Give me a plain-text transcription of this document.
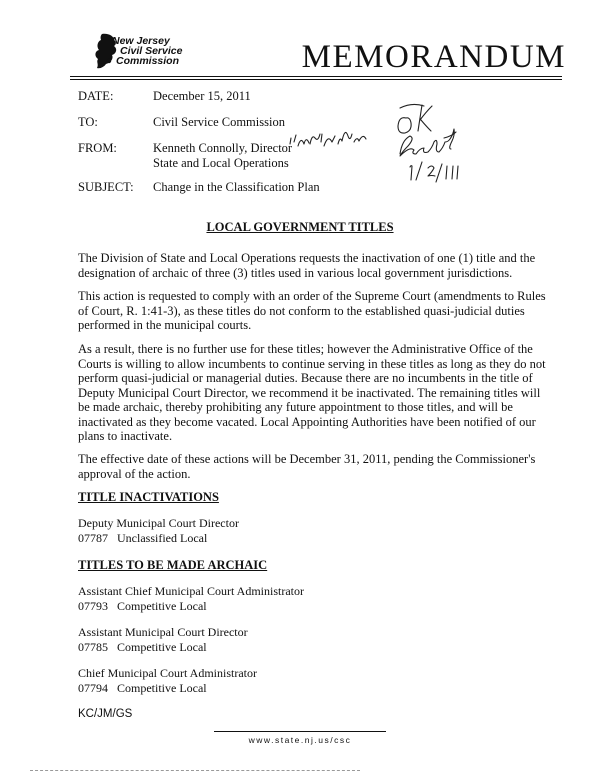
New Jersey
Civil Service
Commission	MEMORANDUM
DATE:	December 15, 2011
TO:	Civil Service Commission
FROM:	Kenneth Connolly, Director
State and Local Operations
SUBJECT:	Change in the Classification Plan
LOCAL GOVERNMENT TITLES

The Division of State and Local Operations requests the inactivation of one (1) title and the designation of archaic of three (3) titles used in various local government jurisdictions.

This action is requested to comply with an order of the Supreme Court (amendments to Rules of Court, R. 1:41-3), as these titles do not conform to the established quasi-judicial duties performed in the municipal courts.

As a result, there is no further use for these titles; however the Administrative Office of the Courts is willing to allow incumbents to continue serving in these titles as long as they do not perform quasi-judicial or managerial duties. Because there are no incumbents in the title of Deputy Municipal Court Director, we recommend it be inactivated. The remaining titles will be made archaic, thereby prohibiting any future appointment to those titles, and will be inactivated as they become vacated. Local Appointing Authorities have been notified of our plans to inactivate.

The effective date of these actions will be December 31, 2011, pending the Commissioner's approval of the action.

TITLE INACTIVATIONS
Deputy Municipal Court Director
07787 Unclassified Local
TITLES TO BE MADE ARCHAIC
Assistant Chief Municipal Court Administrator
07793 Competitive Local
Assistant Municipal Court Director
07785 Competitive Local
Chief Municipal Court Administrator
07794 Competitive Local
KC/JM/GS
www.state.nj.us/csc
